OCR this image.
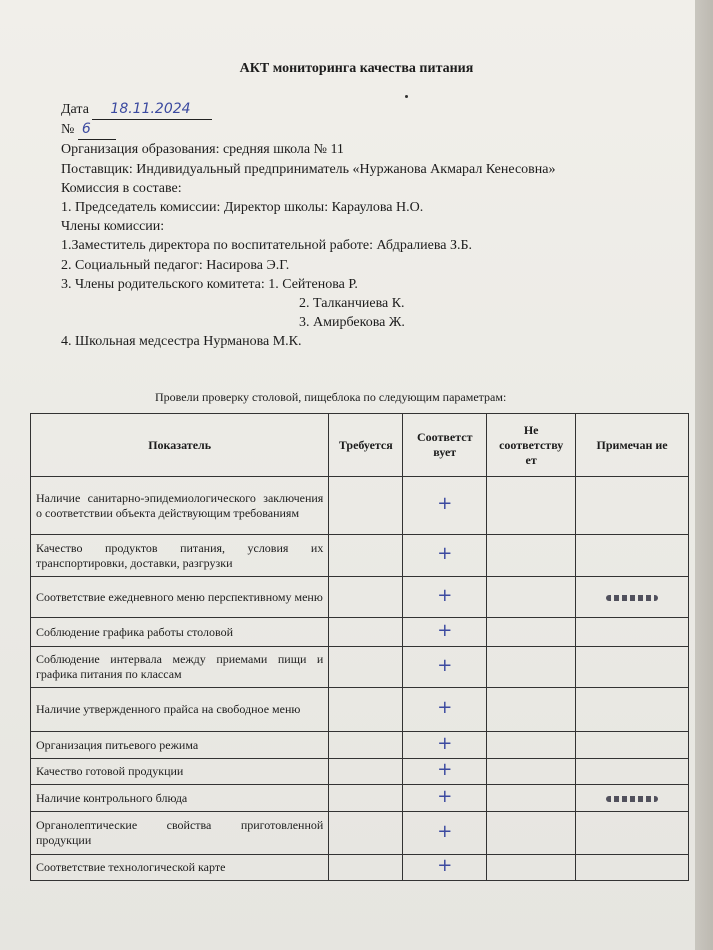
АКТ мониторинга качества питания
Дата 18.11.2024
№ 6
Организация образования: средняя школа № 11
Поставщик: Индивидуальный предприниматель «Нуржанова Акмарал Кенесовна»
Комиссия в составе:
1. Председатель комиссии: Директор школы: Караулова Н.О.
Члены комиссии:
1.Заместитель директора по воспитательной работе: Абдралиева З.Б.
2. Социальный педагог: Насирова Э.Г.
3. Члены родительского комитета: 1. Сейтенова Р.
2. Талканчиева К.
3. Амирбекова Ж.
4. Школьная медсестра Нурманова М.К.
Провели проверку столовой, пищеблока по следующим параметрам:
Показатель	Требуется	Соответст вует	Не соответству ет	Примечан ие
Наличие санитарно-эпидемиологического заключения о соответствии объекта действующим требованиям		+		
Качество продуктов питания, условия их транспортировки, доставки, разгрузки		+		
Соответствие ежедневного меню перспективному меню		+		
Соблюдение графика работы столовой		+		
Соблюдение интервала между приемами пищи и графика питания по классам		+		
Наличие утвержденного прайса на свободное меню		+		
Организация питьевого режима		+		
Качество готовой продукции		+		
Наличие контрольного блюда		+		
Органолептические свойства приготовленной продукции		+		
Соответствие технологической карте		+		
